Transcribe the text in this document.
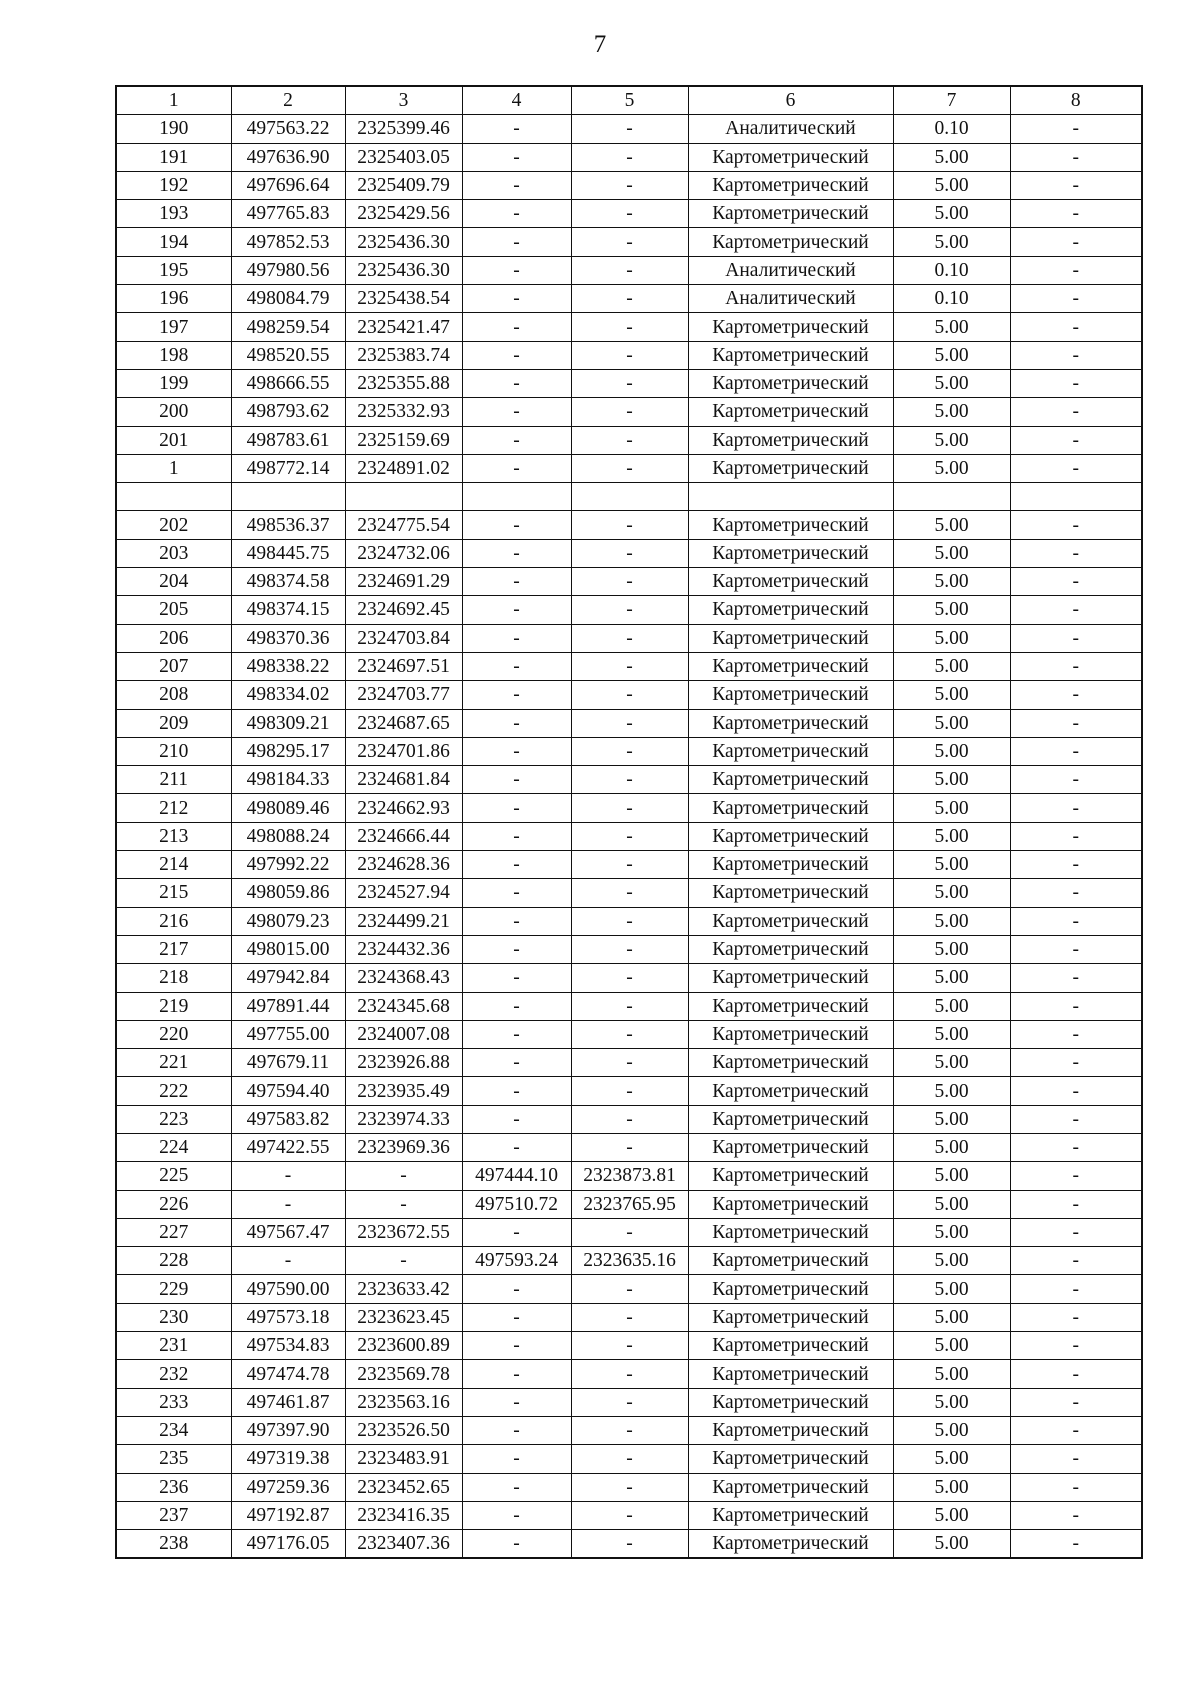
7
1	2	3	4	5	6	7	8
190	497563.22	2325399.46	-	-	Аналитический	0.10	-
191	497636.90	2325403.05	-	-	Картометрический	5.00	-
192	497696.64	2325409.79	-	-	Картометрический	5.00	-
193	497765.83	2325429.56	-	-	Картометрический	5.00	-
194	497852.53	2325436.30	-	-	Картометрический	5.00	-
195	497980.56	2325436.30	-	-	Аналитический	0.10	-
196	498084.79	2325438.54	-	-	Аналитический	0.10	-
197	498259.54	2325421.47	-	-	Картометрический	5.00	-
198	498520.55	2325383.74	-	-	Картометрический	5.00	-
199	498666.55	2325355.88	-	-	Картометрический	5.00	-
200	498793.62	2325332.93	-	-	Картометрический	5.00	-
201	498783.61	2325159.69	-	-	Картометрический	5.00	-
1	498772.14	2324891.02	-	-	Картометрический	5.00	-

202	498536.37	2324775.54	-	-	Картометрический	5.00	-
203	498445.75	2324732.06	-	-	Картометрический	5.00	-
204	498374.58	2324691.29	-	-	Картометрический	5.00	-
205	498374.15	2324692.45	-	-	Картометрический	5.00	-
206	498370.36	2324703.84	-	-	Картометрический	5.00	-
207	498338.22	2324697.51	-	-	Картометрический	5.00	-
208	498334.02	2324703.77	-	-	Картометрический	5.00	-
209	498309.21	2324687.65	-	-	Картометрический	5.00	-
210	498295.17	2324701.86	-	-	Картометрический	5.00	-
211	498184.33	2324681.84	-	-	Картометрический	5.00	-
212	498089.46	2324662.93	-	-	Картометрический	5.00	-
213	498088.24	2324666.44	-	-	Картометрический	5.00	-
214	497992.22	2324628.36	-	-	Картометрический	5.00	-
215	498059.86	2324527.94	-	-	Картометрический	5.00	-
216	498079.23	2324499.21	-	-	Картометрический	5.00	-
217	498015.00	2324432.36	-	-	Картометрический	5.00	-
218	497942.84	2324368.43	-	-	Картометрический	5.00	-
219	497891.44	2324345.68	-	-	Картометрический	5.00	-
220	497755.00	2324007.08	-	-	Картометрический	5.00	-
221	497679.11	2323926.88	-	-	Картометрический	5.00	-
222	497594.40	2323935.49	-	-	Картометрический	5.00	-
223	497583.82	2323974.33	-	-	Картометрический	5.00	-
224	497422.55	2323969.36	-	-	Картометрический	5.00	-
225	-	-	497444.10	2323873.81	Картометрический	5.00	-
226	-	-	497510.72	2323765.95	Картометрический	5.00	-
227	497567.47	2323672.55	-	-	Картометрический	5.00	-
228	-	-	497593.24	2323635.16	Картометрический	5.00	-
229	497590.00	2323633.42	-	-	Картометрический	5.00	-
230	497573.18	2323623.45	-	-	Картометрический	5.00	-
231	497534.83	2323600.89	-	-	Картометрический	5.00	-
232	497474.78	2323569.78	-	-	Картометрический	5.00	-
233	497461.87	2323563.16	-	-	Картометрический	5.00	-
234	497397.90	2323526.50	-	-	Картометрический	5.00	-
235	497319.38	2323483.91	-	-	Картометрический	5.00	-
236	497259.36	2323452.65	-	-	Картометрический	5.00	-
237	497192.87	2323416.35	-	-	Картометрический	5.00	-
238	497176.05	2323407.36	-	-	Картометрический	5.00	-
